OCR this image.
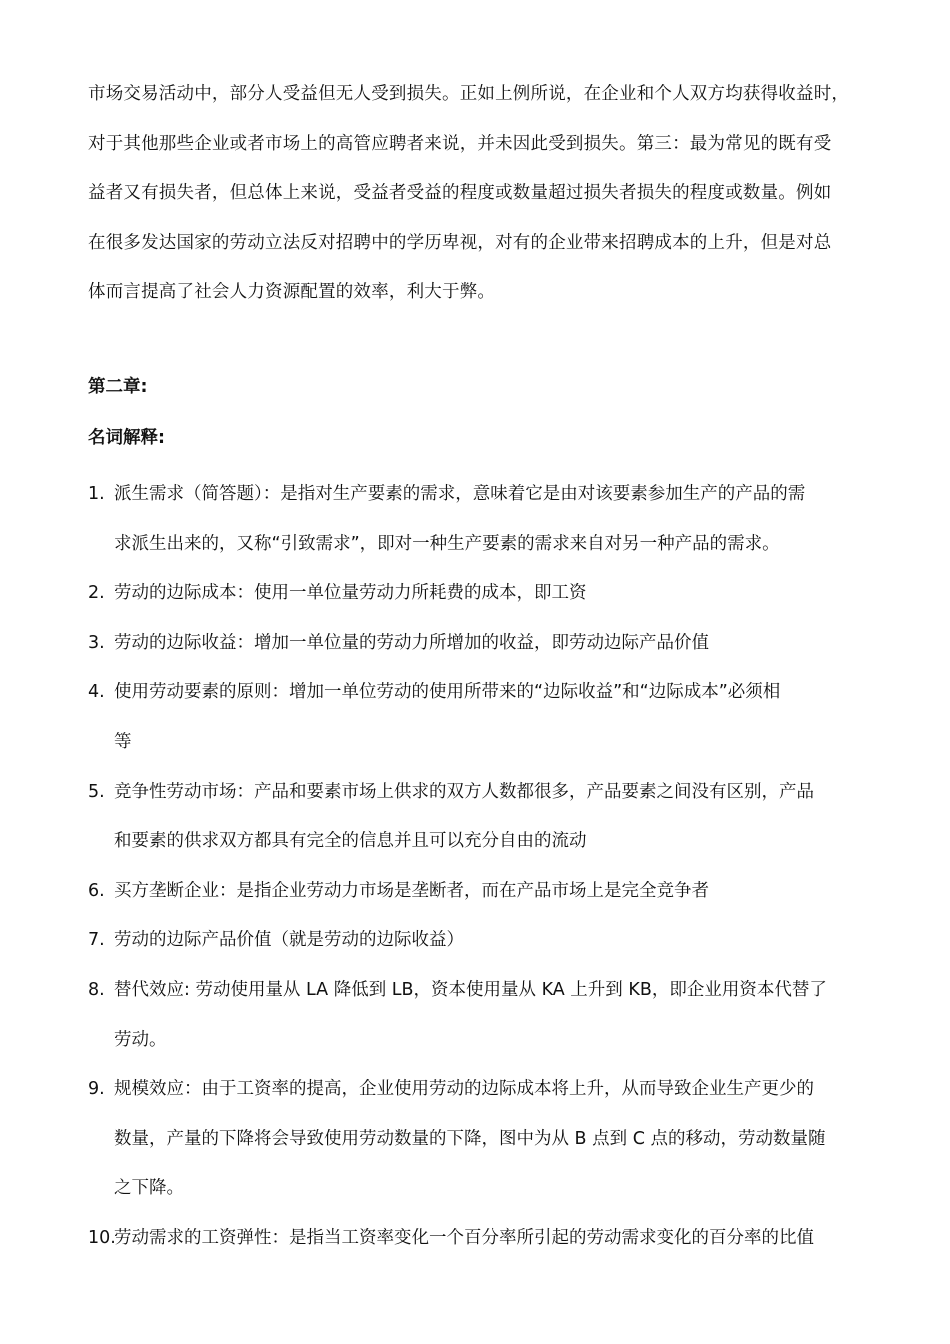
市场交易活动中，部分人受益但无人受到损失。正如上例所说，在企业和个人双方均获得收益时，
对于其他那些企业或者市场上的高管应聘者来说，并未因此受到损失。第三：最为常见的既有受
益者又有损失者，但总体上来说，受益者受益的程度或数量超过损失者损失的程度或数量。例如
在很多发达国家的劳动立法反对招聘中的学历卑视，对有的企业带来招聘成本的上升，但是对总
体而言提高了社会人力资源配置的效率，利大于弊。
第二章:
名词解释:
1. 派生需求（简答题）：是指对生产要素的需求，意味着它是由对该要素参加生产的产品的需
求派生出来的，又称“引致需求”，即对一种生产要素的需求来自对另一种产品的需求。
2. 劳动的边际成本：使用一单位量劳动力所耗费的成本，即工资
3. 劳动的边际收益：增加一单位量的劳动力所增加的收益，即劳动边际产品价值
4. 使用劳动要素的原则：增加一单位劳动的使用所带来的“边际收益”和“边际成本”必须相
等
5. 竞争性劳动市场：产品和要素市场上供求的双方人数都很多，产品要素之间没有区别，产品
和要素的供求双方都具有完全的信息并且可以充分自由的流动
6. 买方垄断企业：是指企业劳动力市场是垄断者，而在产品市场上是完全竞争者
7. 劳动的边际产品价值（就是劳动的边际收益）
8. 替代效应: 劳动使用量从 LA 降低到 LB，资本使用量从 KA 上升到 KB，即企业用资本代替了
劳动。
9. 规模效应：由于工资率的提高，企业使用劳动的边际成本将上升，从而导致企业生产更少的
数量，产量的下降将会导致使用劳动数量的下降，图中为从 B 点到 C 点的移动，劳动数量随
之下降。
10.
劳动需求的工资弹性：是指当工资率变化一个百分率所引起的劳动需求变化的百分率的比值
